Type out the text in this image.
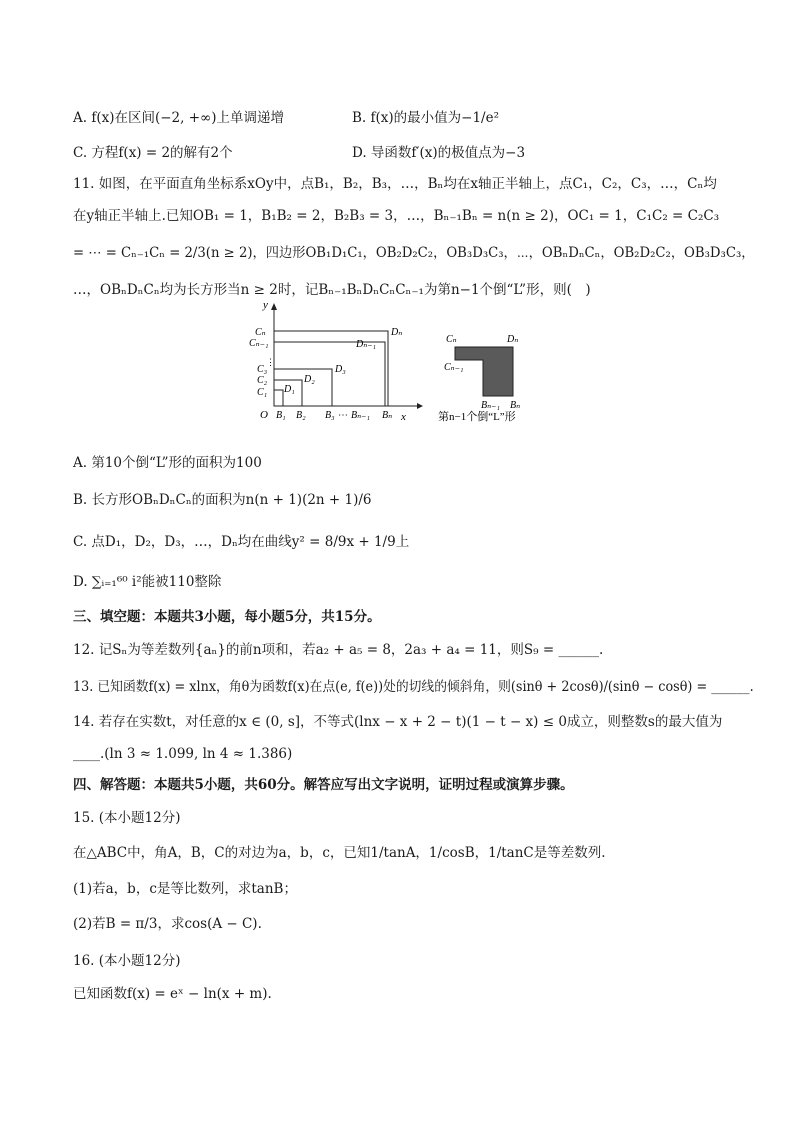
A. f(x)在区间(−2, +∞)上单调递增	B. f(x)的最小值为−1/e²
C. 方程f(x) = 2的解有2个	D. 导函数f′(x)的极值点为−3
11. 如图，在平面直角坐标系xOy中，点B₁，B₂，B₃，…，Bₙ均在x轴正半轴上，点C₁，C₂，C₃，…，Cₙ均
在y轴正半轴上.已知OB₁ = 1，B₁B₂ = 2，B₂B₃ = 3，…，Bₙ₋₁Bₙ = n(n ≥ 2)，OC₁ = 1，C₁C₂ = C₂C₃
= ⋯ = Cₙ₋₁Cₙ = 2/3(n ≥ 2)，四边形OB₁D₁C₁，OB₂D₂C₂，OB₃D₃C₃，⋯，OBₙDₙCₙ，OB₂D₂C₂，OB₃D₃C₃，
…，OBₙDₙCₙ均为长方形当n ≥ 2时，记Bₙ₋₁BₙDₙCₙCₙ₋₁为第n−1个倒“L”形，则(　)
⋮
y
x
O
Cₙ
Cₙ₋₁
C₃
C₂
C₁
B₁ B₂ B₃ ⋯ Bₙ₋₁ Bₙ
Dₙ
Dₙ₋₁
D₃
D₂
D₁
Cₙ	Dₙ
Cₙ₋₁
Bₙ₋₁ Bₙ
第n−1个倒“L”形
A. 第10个倒“L”形的面积为100
B. 长方形OBₙDₙCₙ的面积为n(n + 1)(2n + 1)/6
C. 点D₁，D₂，D₃，…，Dₙ均在曲线y² = 8/9x + 1/9上
D. ∑ᵢ₌₁⁶⁰ i²能被110整除
三、填空题：本题共3小题，每小题5分，共15分。
12. 记Sₙ为等差数列{aₙ}的前n项和，若a₂ + a₅ = 8，2a₃ + a₄ = 11，则S₉ = ______.
13. 已知函数f(x) = xlnx，角θ为函数f(x)在点(e, f(e))处的切线的倾斜角，则(sinθ + 2cosθ)/(sinθ − cosθ) = ______.
14. 若存在实数t，对任意的x ∈ (0, s]，不等式(lnx − x + 2 − t)(1 − t − x) ≤ 0成立，则整数s的最大值为
____.(ln 3 ≈ 1.099, ln 4 ≈ 1.386)
四、解答题：本题共5小题，共60分。解答应写出文字说明，证明过程或演算步骤。
15. (本小题12分)
在△ABC中，角A，B，C的对边为a，b，c，已知1/tanA，1/cosB，1/tanC是等差数列.
(1)若a，b，c是等比数列，求tanB；
(2)若B = π/3，求cos(A − C).
16. (本小题12分)
已知函数f(x) = eˣ − ln(x + m).
